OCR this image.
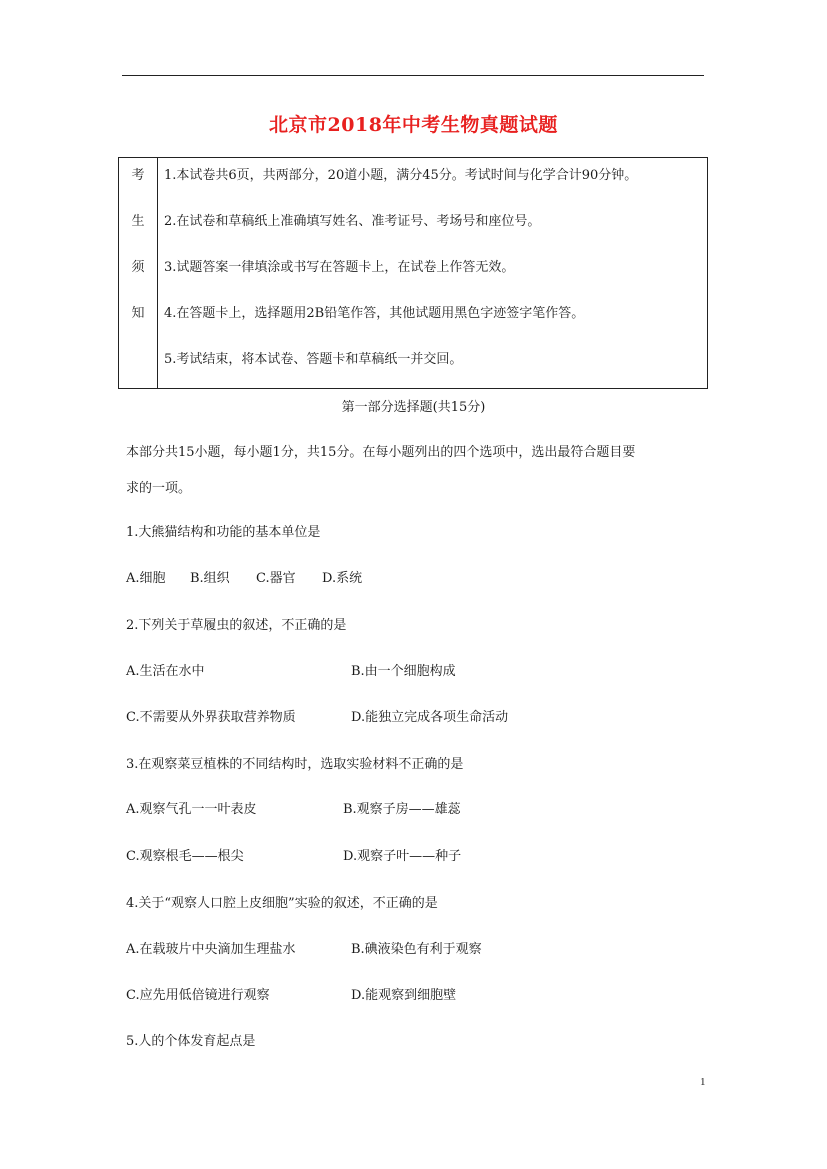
北京市2018年中考生物真题试题
考
生
须
知
1.本试卷共6页，共两部分，20道小题，满分45分。考试时间与化学合计90分钟。
2.在试卷和草稿纸上准确填写姓名、准考证号、考场号和座位号。
3.试题答案一律填涂或书写在答题卡上，在试卷上作答无效。
4.在答题卡上，选择题用2B铅笔作答，其他试题用黑色字迹签字笔作答。
5.考试结束，将本试卷、答题卡和草稿纸一并交回。
第一部分选择题(共15分)
本部分共15小题，每小题1分，共15分。在每小题列出的四个选项中，选出最符合题目要
求的一项。
1.大熊猫结构和功能的基本单位是
A.细胞 B.组织 C.器官 D.系统
2.下列关于草履虫的叙述，不正确的是
A.生活在水中	B.由一个细胞构成
C.不需要从外界获取营养物质	D.能独立完成各项生命活动
3.在观察菜豆植株的不同结构时，选取实验材料不正确的是
A.观察气孔一一叶表皮	B.观察子房——雄蕊
C.观察根毛——根尖	D.观察子叶——种子
4.关于“观察人口腔上皮细胞”实验的叙述，不正确的是
A.在载玻片中央滴加生理盐水	B.碘液染色有利于观察
C.应先用低倍镜进行观察	D.能观察到细胞壁
5.人的个体发育起点是
1
